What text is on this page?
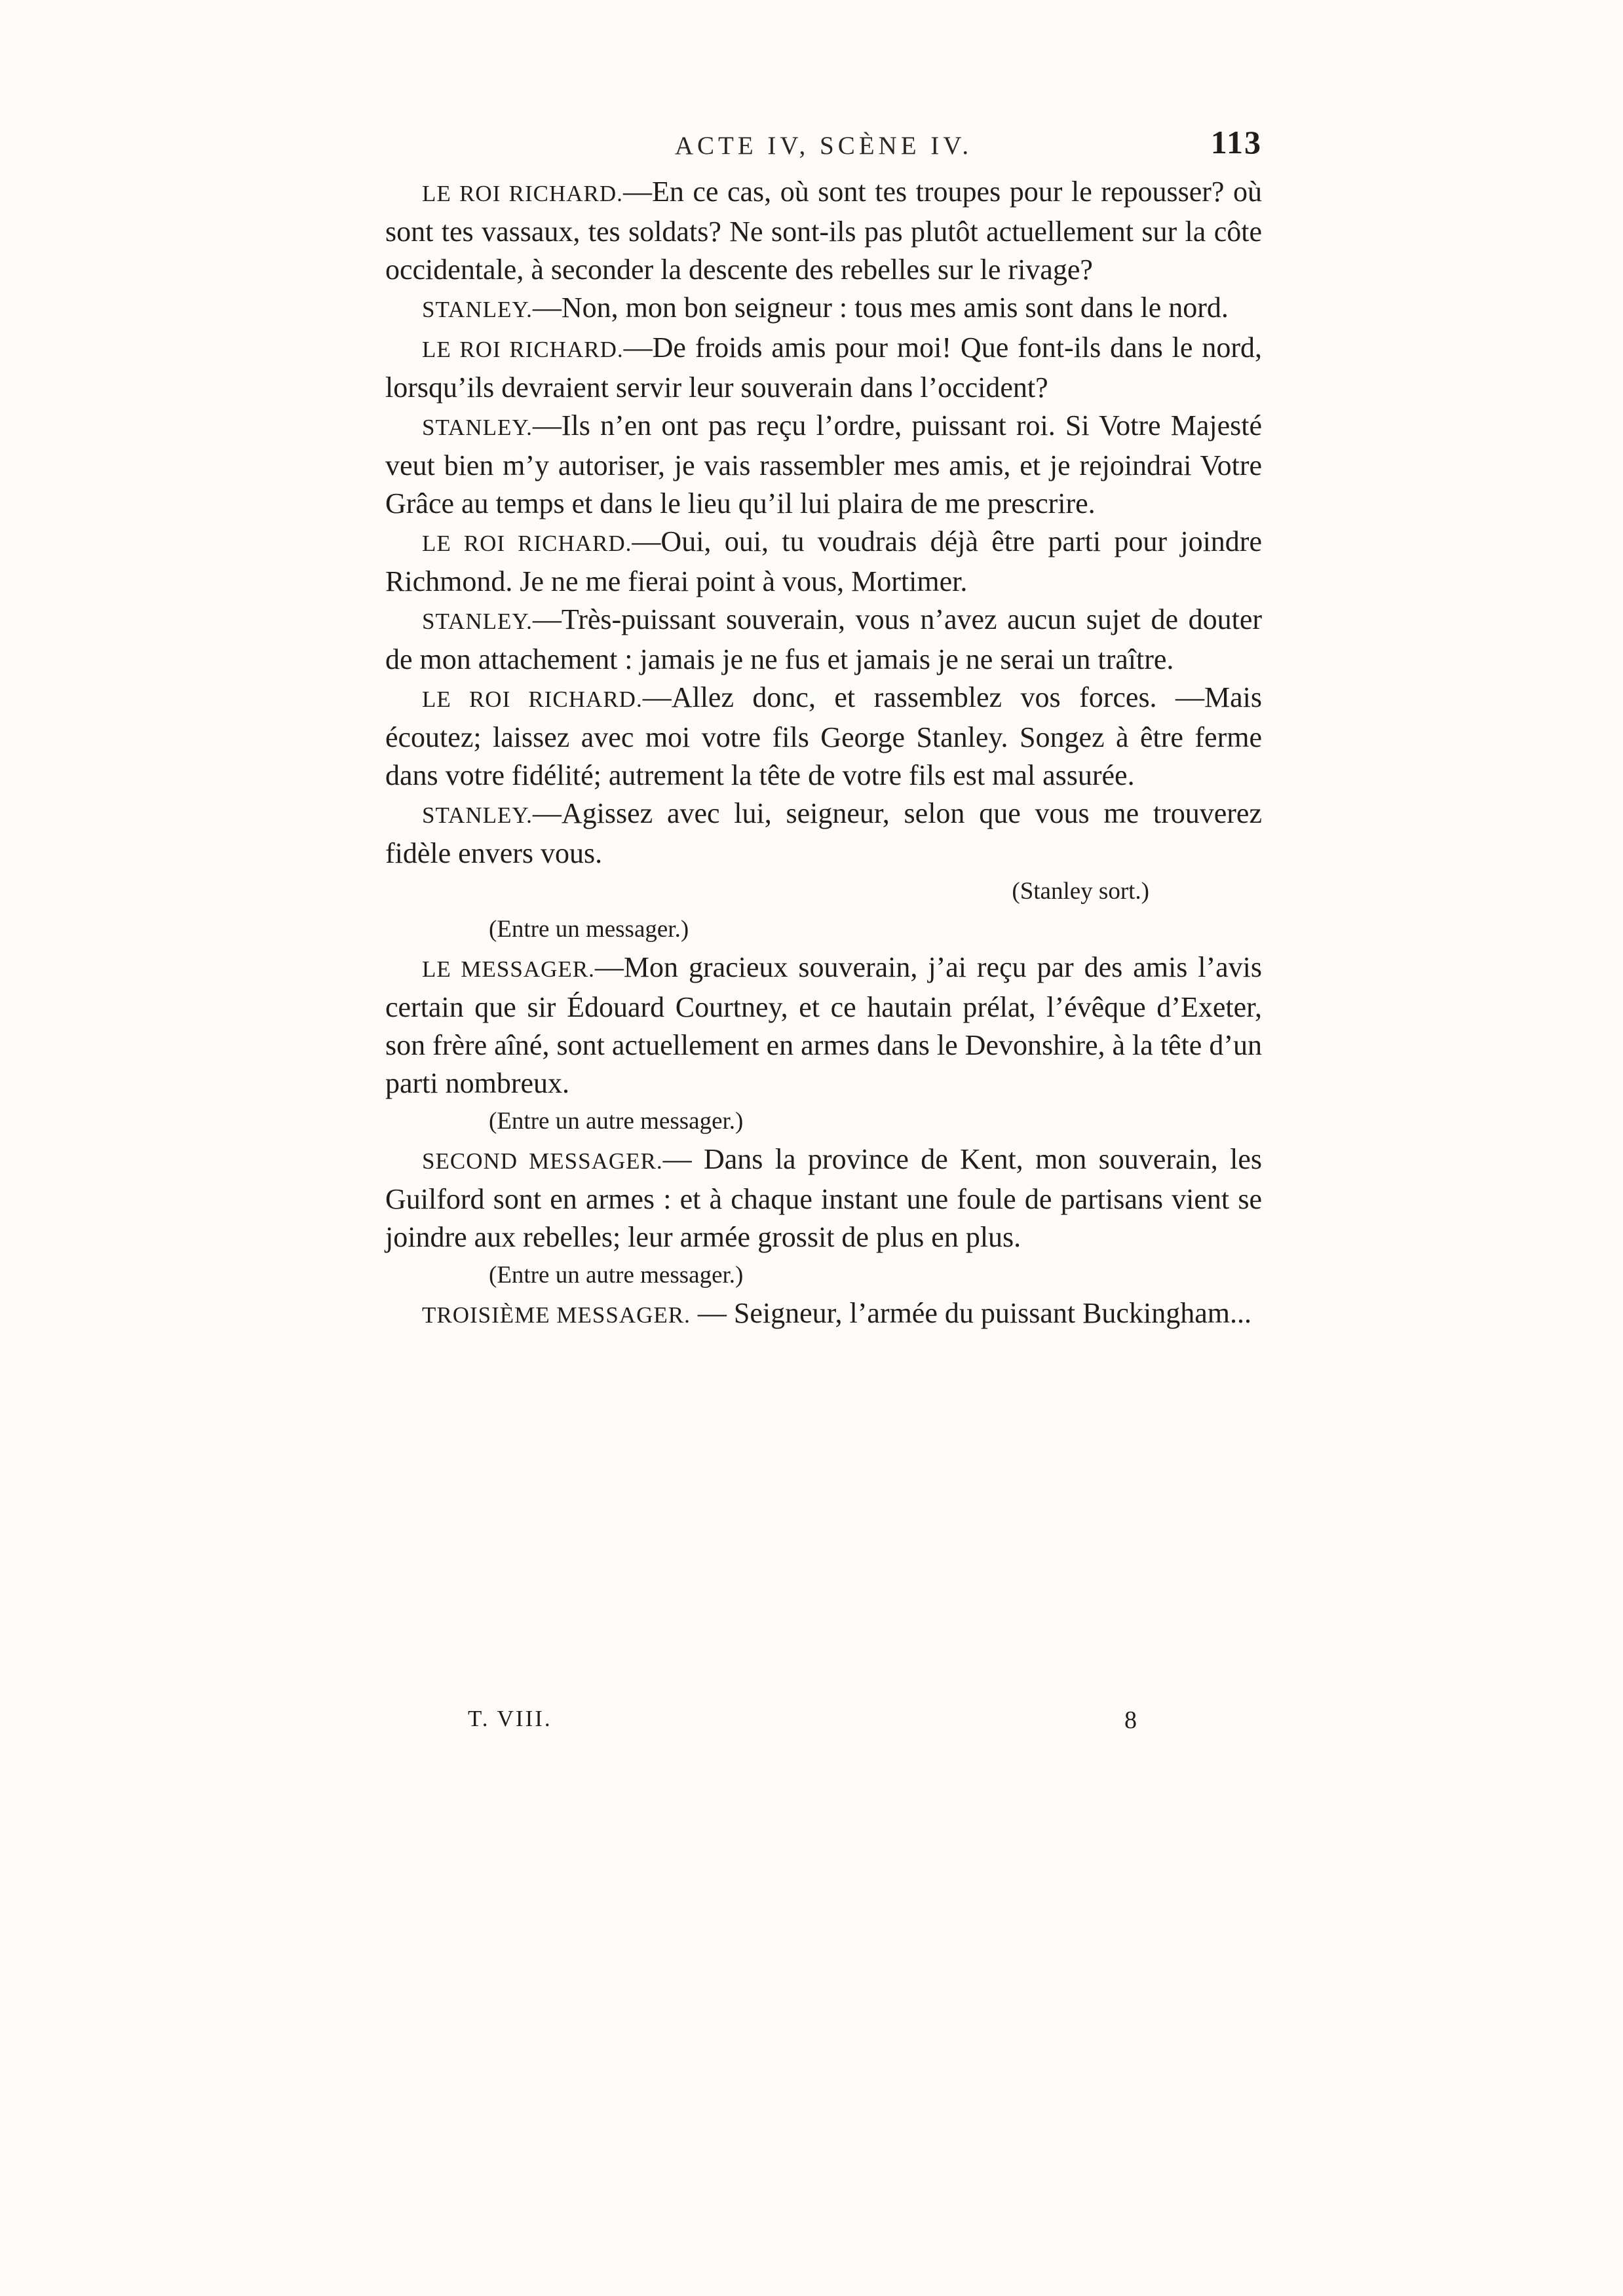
ACTE IV, SCÈNE IV.	113

LE ROI RICHARD.—En ce cas, où sont tes troupes pour le repousser? où sont tes vassaux, tes soldats? Ne sont-ils pas plutôt actuellement sur la côte occidentale, à seconder la descente des rebelles sur le rivage?

STANLEY.—Non, mon bon seigneur : tous mes amis sont dans le nord.

LE ROI RICHARD.—De froids amis pour moi! Que font-ils dans le nord, lorsqu’ils devraient servir leur souverain dans l’occident?

STANLEY.—Ils n’en ont pas reçu l’ordre, puissant roi. Si Votre Majesté veut bien m’y autoriser, je vais rassembler mes amis, et je rejoindrai Votre Grâce au temps et dans le lieu qu’il lui plaira de me prescrire.

LE ROI RICHARD.—Oui, oui, tu voudrais déjà être parti pour joindre Richmond. Je ne me fierai point à vous, Mortimer.

STANLEY.—Très-puissant souverain, vous n’avez aucun sujet de douter de mon attachement : jamais je ne fus et jamais je ne serai un traître.

LE ROI RICHARD.—Allez donc, et rassemblez vos forces. —Mais écoutez; laissez avec moi votre fils George Stanley. Songez à être ferme dans votre fidélité; autrement la tête de votre fils est mal assurée.

STANLEY.—Agissez avec lui, seigneur, selon que vous me trouverez fidèle envers vous.

(Stanley sort.)

(Entre un messager.)

LE MESSAGER.—Mon gracieux souverain, j’ai reçu par des amis l’avis certain que sir Édouard Courtney, et ce hautain prélat, l’évêque d’Exeter, son frère aîné, sont actuellement en armes dans le Devonshire, à la tête d’un parti nombreux.

(Entre un autre messager.)

SECOND MESSAGER.— Dans la province de Kent, mon souverain, les Guilford sont en armes : et à chaque instant une foule de partisans vient se joindre aux rebelles; leur armée grossit de plus en plus.

(Entre un autre messager.)

TROISIÈME MESSAGER. — Seigneur, l’armée du puissant Buckingham...

T. VIII.	8
